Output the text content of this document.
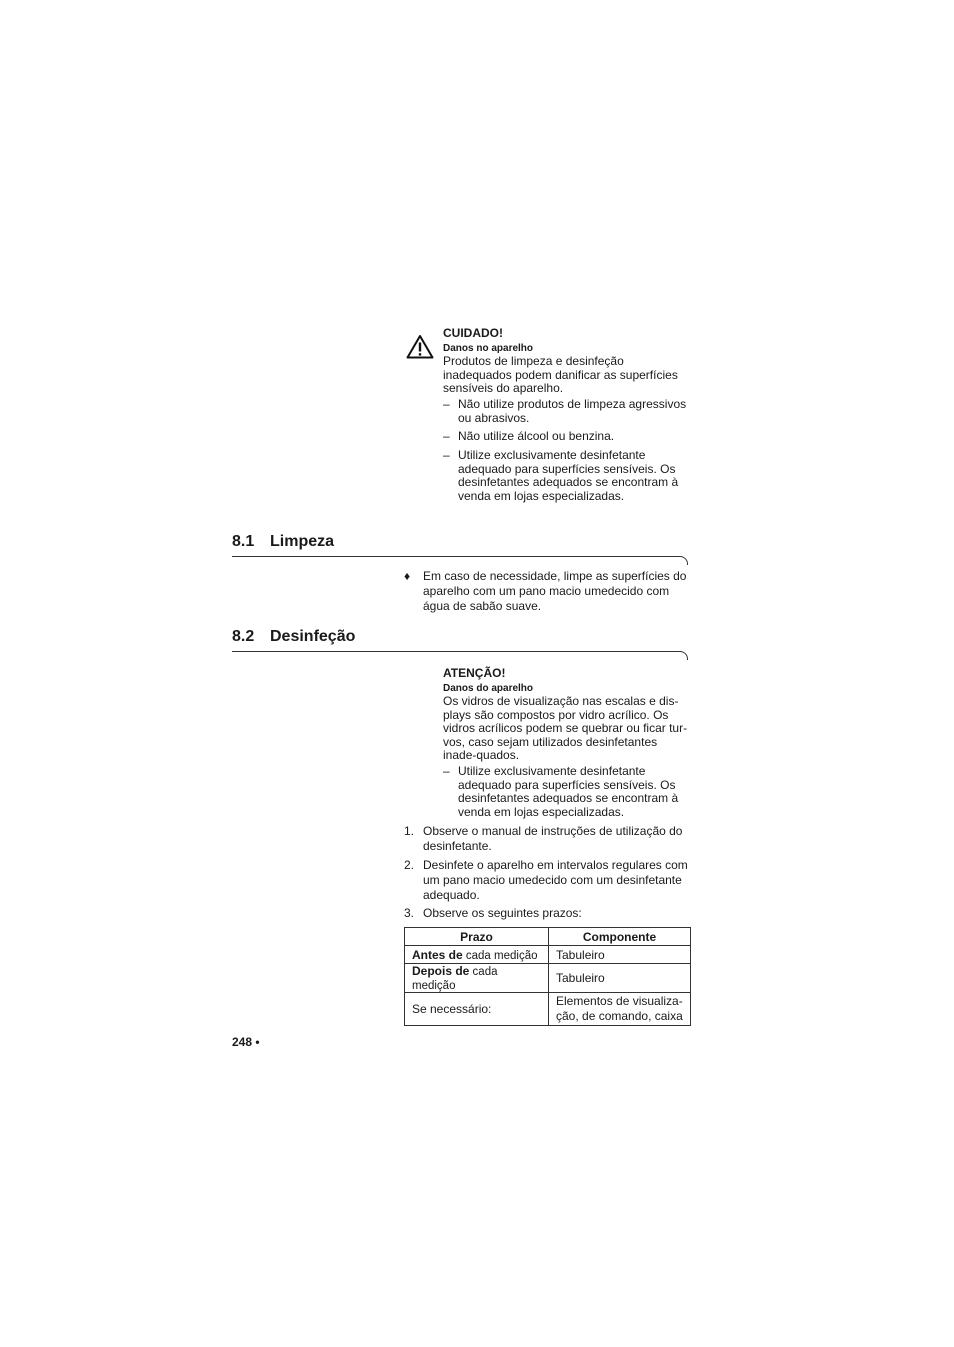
CUIDADO!
Danos no aparelho
Produtos de limpeza e desinfeção inadequados podem danificar as superfícies sensíveis do aparelho.
– Não utilize produtos de limpeza agressivos ou abrasivos.
– Não utilize álcool ou benzina.
– Utilize exclusivamente desinfetante adequado para superfícies sensíveis. Os desinfetantes adequados se encontram à venda em lojas especializadas.
8.1 Limpeza
♦ Em caso de necessidade, limpe as superfícies do aparelho com um pano macio umedecido com água de sabão suave.
8.2 Desinfeção
ATENÇÃO!
Danos do aparelho
Os vidros de visualização nas escalas e dis-plays são compostos por vidro acrílico. Os vidros acrílicos podem se quebrar ou ficar tur-vos, caso sejam utilizados desinfetantes inade-quados.
– Utilize exclusivamente desinfetante adequado para superfícies sensíveis. Os desinfetantes adequados se encontram à venda em lojas especializadas.
1. Observe o manual de instruções de utilização do desinfetante.
2. Desinfete o aparelho em intervalos regulares com um pano macio umedecido com um desinfetante adequado.
3. Observe os seguintes prazos:
Prazo	Componente
Antes de cada medição	Tabuleiro
Depois de cada medição	Tabuleiro
Se necessário:	Elementos de visualiza-ção, de comando, caixa
248 •
